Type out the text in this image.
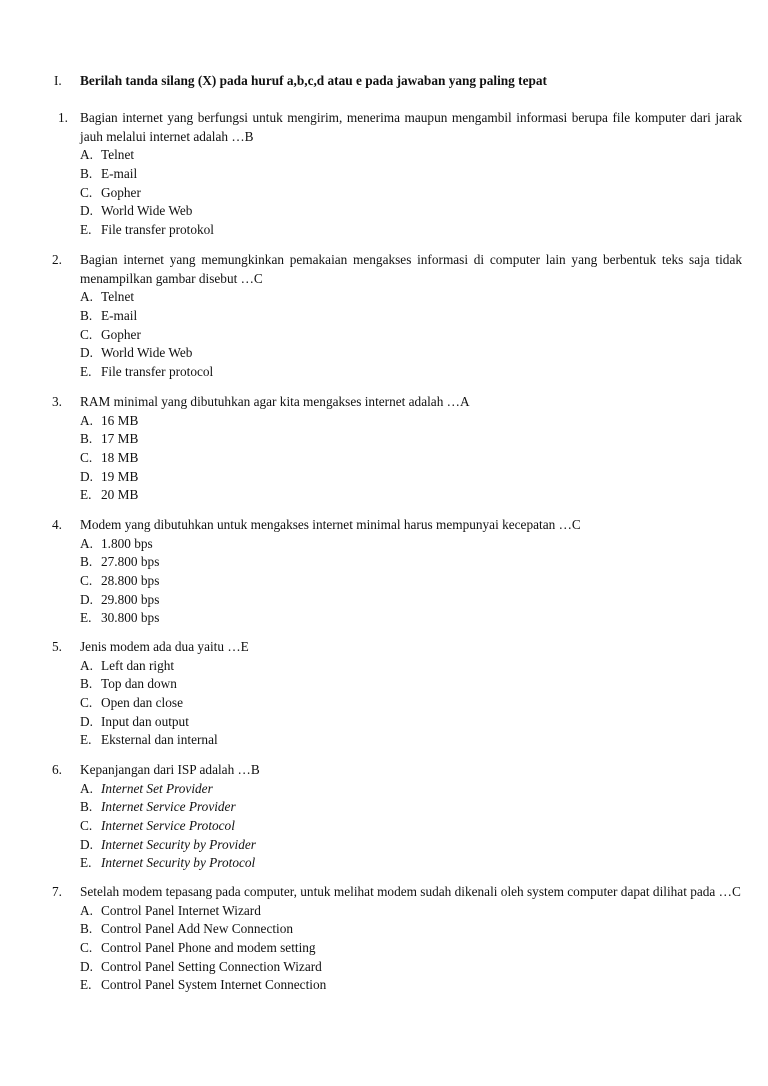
I. Berilah tanda silang (X) pada huruf a,b,c,d atau e pada jawaban yang paling tepat
1. Bagian internet yang berfungsi untuk mengirim, menerima maupun mengambil informasi berupa file komputer dari jarak jauh melalui internet adalah …B
A. Telnet
B. E-mail
C. Gopher
D. World Wide Web
E. File transfer protokol
2. Bagian internet yang memungkinkan pemakaian mengakses informasi di computer lain yang berbentuk teks saja tidak menampilkan gambar disebut …C
A. Telnet
B. E-mail
C. Gopher
D. World Wide Web
E. File transfer protocol
3. RAM minimal yang dibutuhkan agar kita mengakses internet adalah …A
A. 16 MB
B. 17 MB
C. 18 MB
D. 19 MB
E. 20 MB
4. Modem yang dibutuhkan untuk mengakses internet minimal harus mempunyai kecepatan …C
A. 1.800 bps
B. 27.800 bps
C. 28.800 bps
D. 29.800 bps
E. 30.800 bps
5. Jenis modem ada dua yaitu …E
A. Left dan right
B. Top dan down
C. Open dan close
D. Input dan output
E. Eksternal dan internal
6. Kepanjangan dari ISP adalah …B
A. Internet Set Provider
B. Internet Service Provider
C. Internet Service Protocol
D. Internet Security by Provider
E. Internet Security by Protocol
7. Setelah modem tepasang pada computer, untuk melihat modem sudah dikenali oleh system computer dapat dilihat pada …C
A. Control Panel Internet Wizard
B. Control Panel Add New Connection
C. Control Panel Phone and modem setting
D. Control Panel Setting Connection Wizard
E. Control Panel System Internet Connection
